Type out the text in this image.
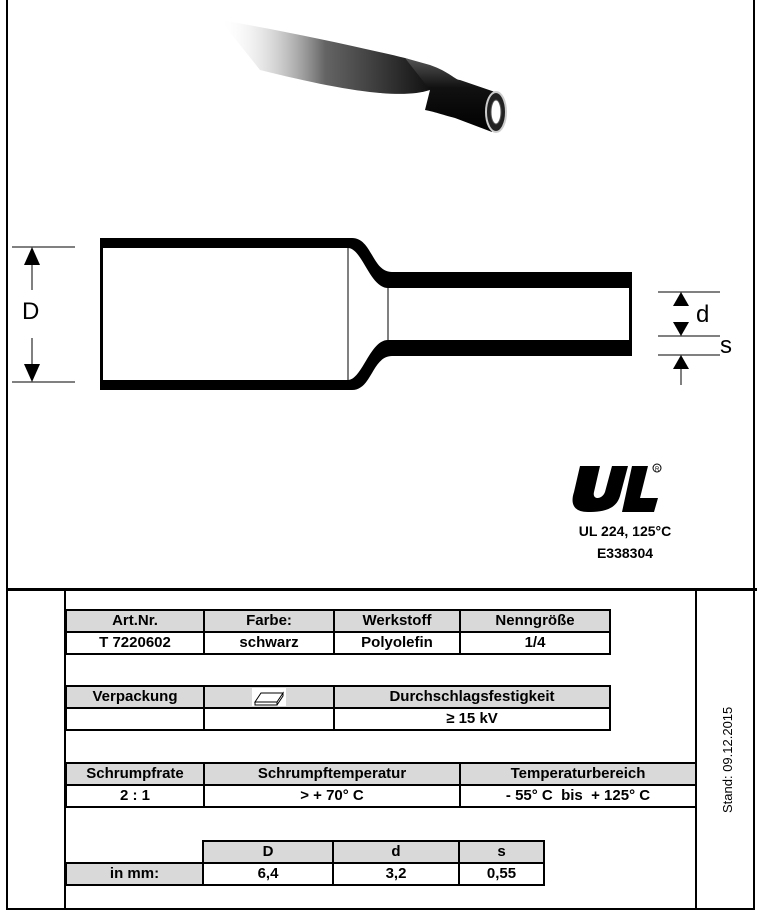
D	d
s
R
UL 224, 125°C
E338304
Art.Nr.	Farbe:	Werkstoff	Nenngröße
T 7220602	schwarz	Polyolefin	1/4
Verpackung		Durchschlagsfestigkeit
		≥ 15 kV
Schrumpfrate	Schrumpftemperatur	Temperaturbereich
2 : 1	> + 70° C	- 55° C  bis  + 125° C
	D	d	s
in mm:	6,4	3,2	0,55
Stand: 09.12.2015
